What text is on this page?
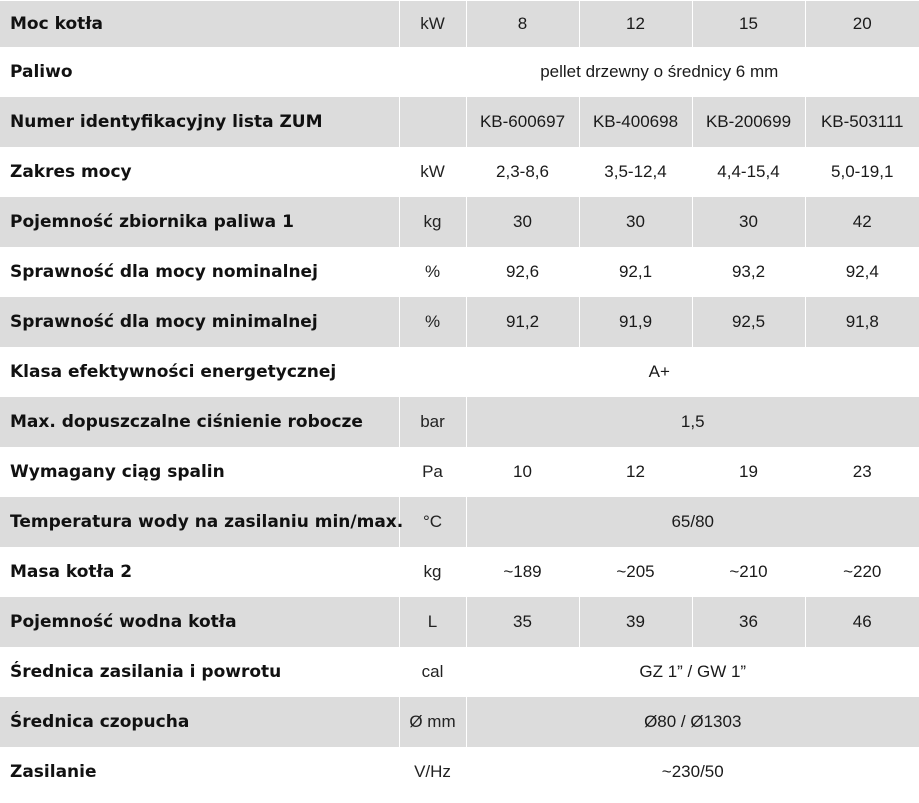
Moc kotła	kW	8	12	15	20
Paliwo	pellet drzewny o średnicy 6 mm				
Numer identyfikacyjny lista ZUM		KB-600697	KB-400698	KB-200699	KB-503111
Zakres mocy	kW	2,3-8,6	3,5-12,4	4,4-15,4	5,0-19,1
Pojemność zbiornika paliwa 1	kg	30	30	30	42
Sprawność dla mocy nominalnej	%	92,6	92,1	93,2	92,4
Sprawność dla mocy minimalnej	%	91,2	91,9	92,5	91,8
Klasa efektywności energetycznej	A+				
Max. dopuszczalne ciśnienie robocze	bar	1,5			
Wymagany ciąg spalin	Pa	10	12	19	23
Temperatura wody na zasilaniu min/max.	°C	65/80			
Masa kotła 2	kg	~189	~205	~210	~220
Pojemność wodna kotła	L	35	39	36	46
Średnica zasilania i powrotu	cal	GZ 1” / GW 1”			
Średnica czopucha	Ø mm	Ø80 / Ø1303			
Zasilanie	V/Hz	~230/50			
